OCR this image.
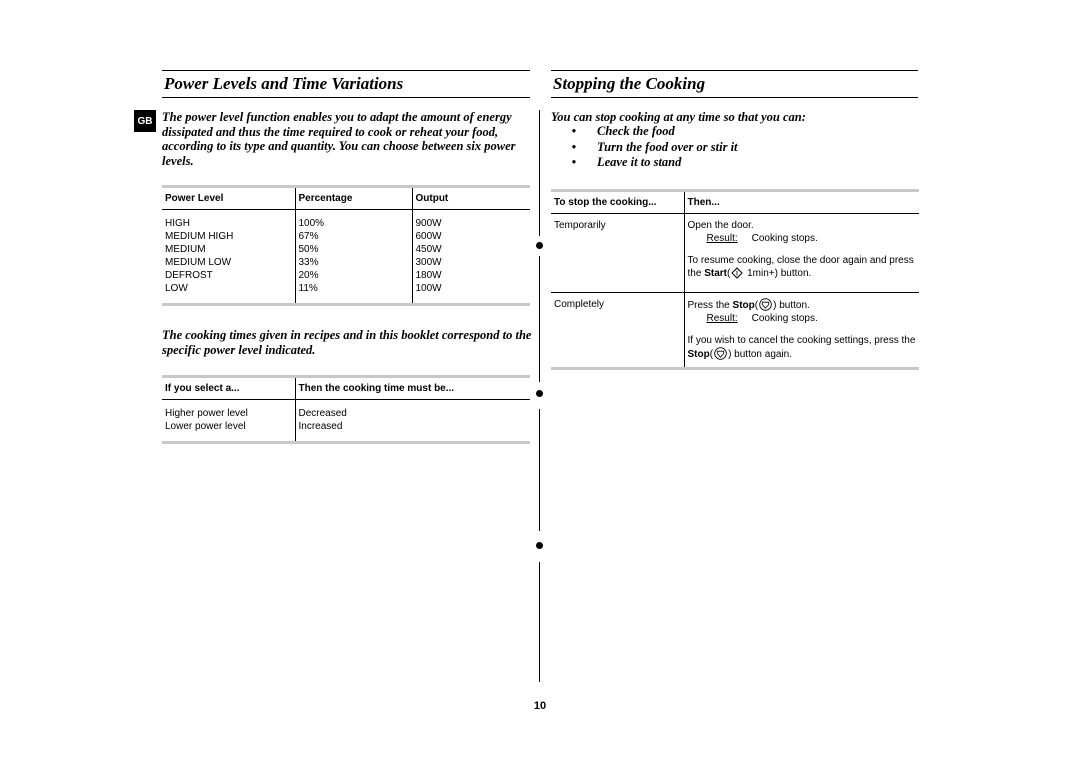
Power Levels and Time Variations
GB The power level function enables you to adapt the amount of energy dissipated and thus the time required to cook or reheat your food, according to its type and quantity. You can choose between six power levels.

Power Level	Percentage	Output
HIGH	100%	900W
MEDIUM HIGH	67%	600W
MEDIUM	50%	450W
MEDIUM LOW	33%	300W
DEFROST	20%	180W
LOW	11%	100W

The cooking times given in recipes and in this booklet correspond to the specific power level indicated.

If you select a...	Then the cooking time must be...
Higher power level	Decreased
Lower power level	Increased
Stopping the Cooking

You can stop cooking at any time so that you can:

•	Check the food
•	Turn the food over or stir it
•	Leave it to stand
To stop the cooking...	Then...
Temporarily	Open the door.
Result: Cooking stops.
To resume cooking, close the door again and press the Start( 1min+) button.

Completely	Press the Stop( ) button.
Result: Cooking stops.
If you wish to cancel the cooking settings, press the Stop( ) button again.
10
